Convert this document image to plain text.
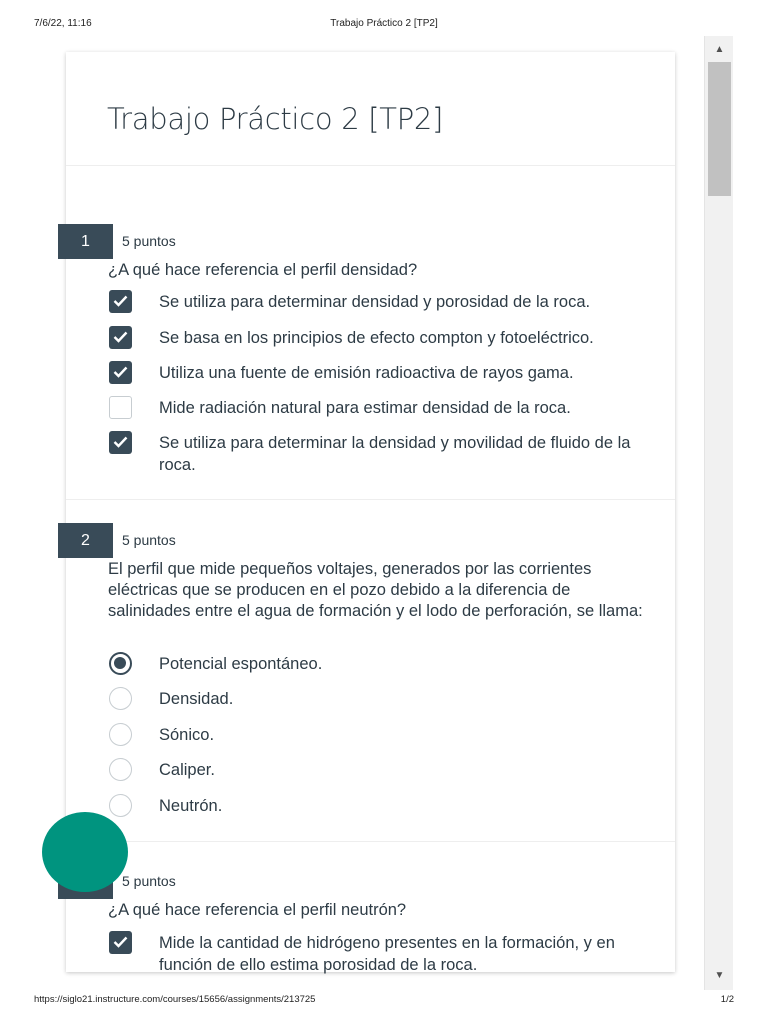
7/6/22, 11:16	Trabajo Práctico 2 [TP2]
Trabajo Práctico 2 [TP2]
1	5 puntos
¿A qué hace referencia el perfil densidad?
Se utiliza para determinar densidad y porosidad de la roca.
Se basa en los principios de efecto compton y fotoeléctrico.
Utiliza una fuente de emisión radioactiva de rayos gama.
Mide radiación natural para estimar densidad de la roca.
Se utiliza para determinar la densidad y movilidad de fluido de la roca.
2	5 puntos
El perfil que mide pequeños voltajes, generados por las corrientes eléctricas que se producen en el pozo debido a la diferencia de salinidades entre el agua de formación y el lodo de perforación, se llama:
Potencial espontáneo.
Densidad.
Sónico.
Caliper.
Neutrón.
5 puntos
¿A qué hace referencia el perfil neutrón?
Mide la cantidad de hidrógeno presentes en la formación, y en función de ello estima porosidad de la roca.
▲
▼
https://siglo21.instructure.com/courses/15656/assignments/213725	1/2
